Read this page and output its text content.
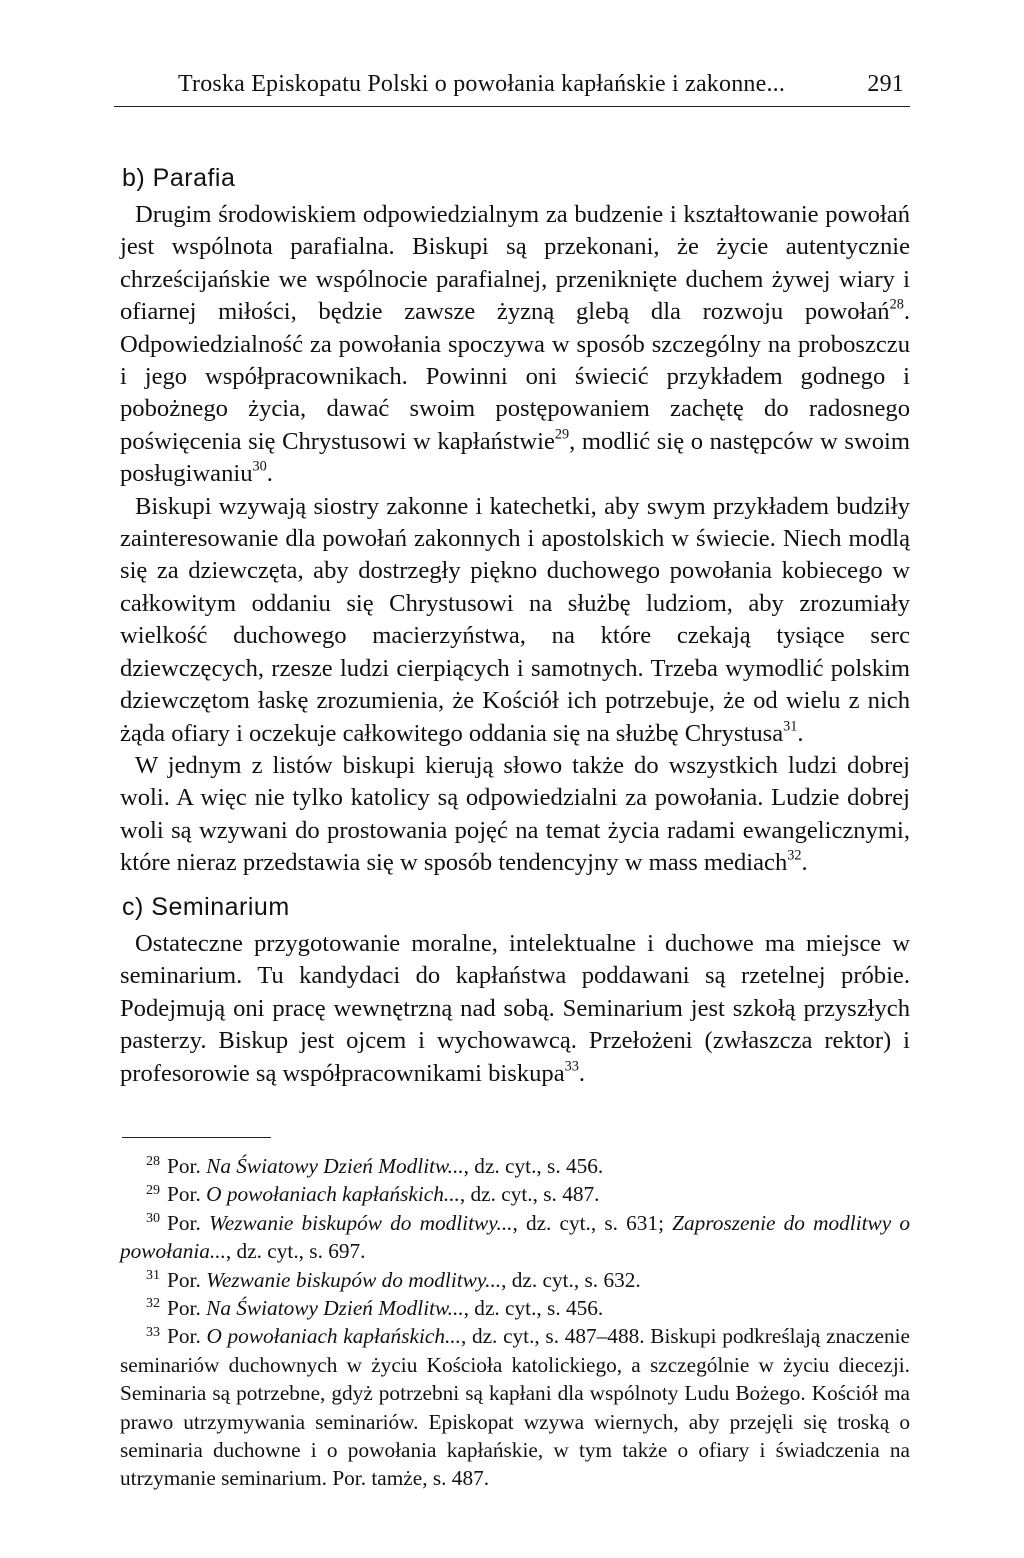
Troska Episkopatu Polski o powołania kapłańskie i zakonne...	291
b) Parafia

Drugim środowiskiem odpowiedzialnym za budzenie i kształtowanie powołań jest wspólnota parafialna. Biskupi są przekonani, że życie autentycznie chrześcijańskie we wspólnocie parafialnej, przeniknięte duchem żywej wiary i ofiarnej miłości, będzie zawsze żyzną glebą dla rozwoju powołań$^{28}$. Odpowiedzialność za powołania spoczywa w sposób szczególny na proboszczu i jego współpracownikach. Powinni oni świecić przykładem godnego i pobożnego życia, dawać swoim postępowaniem zachętę do radosnego poświęcenia się Chrystusowi w kapłaństwie$^{29}$, modlić się o następców w swoim posługiwaniu$^{30}$.

Biskupi wzywają siostry zakonne i katechetki, aby swym przykładem budziły zainteresowanie dla powołań zakonnych i apostolskich w świecie. Niech modlą się za dziewczęta, aby dostrzegły piękno duchowego powołania kobiecego w całkowitym oddaniu się Chrystusowi na służbę ludziom, aby zrozumiały wielkość duchowego macierzyństwa, na które czekają tysiące serc dziewczęcych, rzesze ludzi cierpiących i samotnych. Trzeba wymodlić polskim dziewczętom łaskę zrozumienia, że Kościół ich potrzebuje, że od wielu z nich żąda ofiary i oczekuje całkowitego oddania się na służbę Chrystusa$^{31}$.

W jednym z listów biskupi kierują słowo także do wszystkich ludzi dobrej woli. A więc nie tylko katolicy są odpowiedzialni za powołania. Ludzie dobrej woli są wzywani do prostowania pojęć na temat życia radami ewangelicznymi, które nieraz przedstawia się w sposób tendencyjny w mass mediach$^{32}$.

c) Seminarium

Ostateczne przygotowanie moralne, intelektualne i duchowe ma miejsce w seminarium. Tu kandydaci do kapłaństwa poddawani są rzetelnej próbie. Podejmują oni pracę wewnętrzną nad sobą. Seminarium jest szkołą przyszłych pasterzy. Biskup jest ojcem i wychowawcą. Przełożeni (zwłaszcza rektor) i profesorowie są współpracownikami biskupa$^{33}$.

$^{28}$ Por. Na Światowy Dzień Modlitw..., dz. cyt., s. 456.

$^{29}$ Por. O powołaniach kapłańskich..., dz. cyt., s. 487.

$^{30}$ Por. Wezwanie biskupów do modlitwy..., dz. cyt., s. 631; Zaproszenie do modlitwy o powołania..., dz. cyt., s. 697.

$^{31}$ Por. Wezwanie biskupów do modlitwy..., dz. cyt., s. 632.

$^{32}$ Por. Na Światowy Dzień Modlitw..., dz. cyt., s. 456.

$^{33}$ Por. O powołaniach kapłańskich..., dz. cyt., s. 487–488. Biskupi podkreślają znaczenie seminariów duchownych w życiu Kościoła katolickiego, a szczególnie w życiu diecezji. Seminaria są potrzebne, gdyż potrzebni są kapłani dla wspólnoty Ludu Bożego. Kościół ma prawo utrzymywania seminariów. Episkopat wzywa wiernych, aby przejęli się troską o seminaria duchowne i o powołania kapłańskie, w tym także o ofiary i świadczenia na utrzymanie seminarium. Por. tamże, s. 487.
